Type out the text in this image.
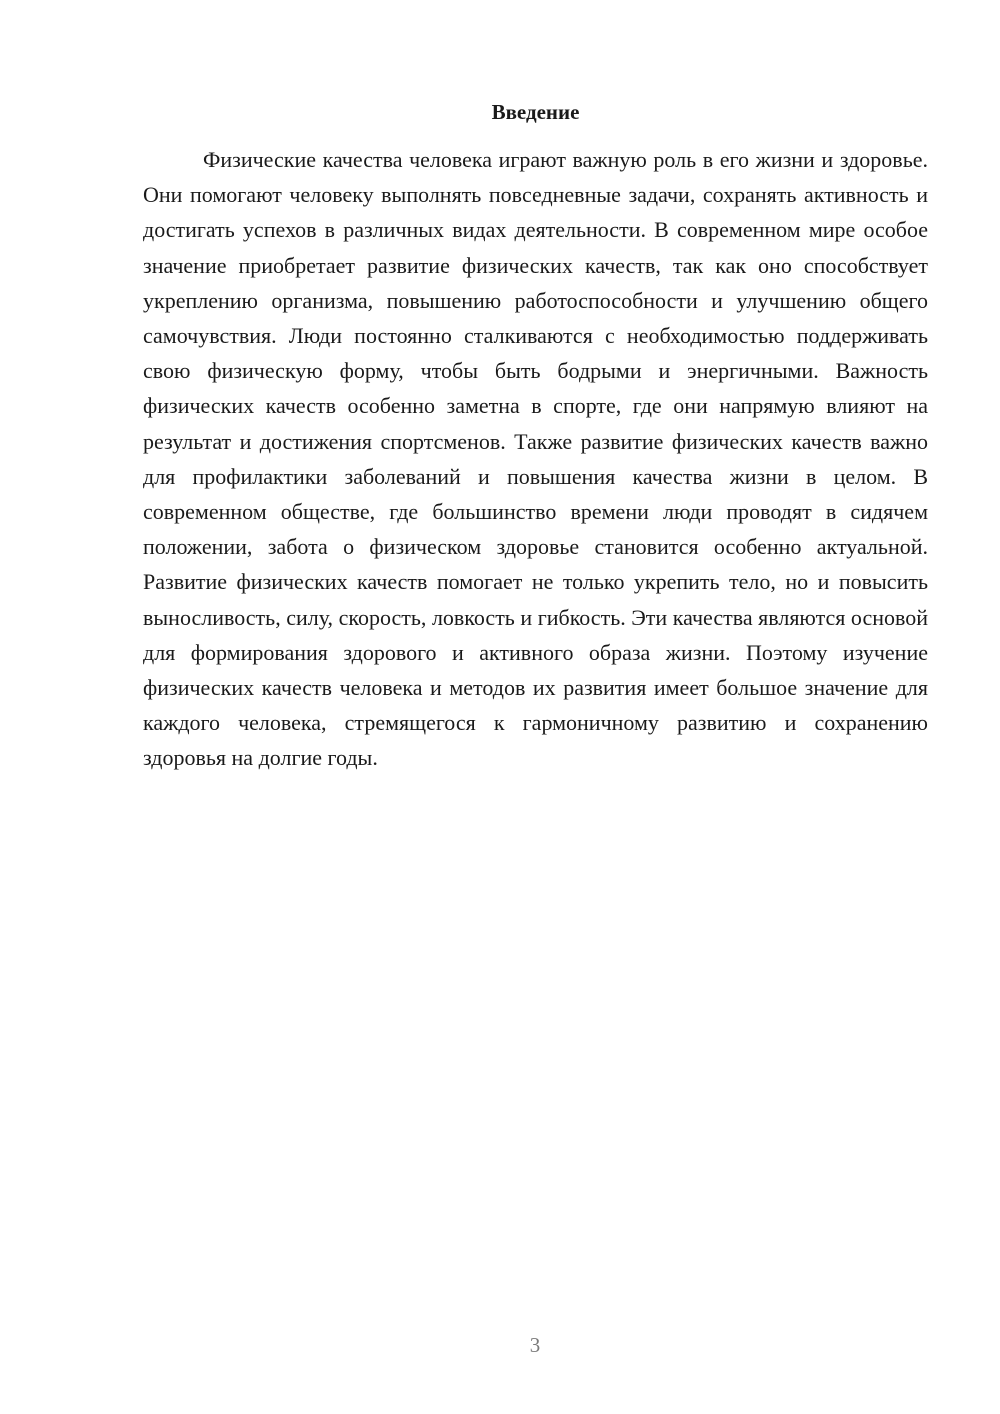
Введение

Физические качества человека играют важную роль в его жизни и здоровье. Они помогают человеку выполнять повседневные задачи, сохранять активность и достигать успехов в различных видах деятельности. В современном мире особое значение приобретает развитие физических качеств, так как оно способствует укреплению организма, повышению работоспособности и улучшению общего самочувствия. Люди постоянно сталкиваются с необходимостью поддерживать свою физическую форму, чтобы быть бодрыми и энергичными. Важность физических качеств особенно заметна в спорте, где они напрямую влияют на результат и достижения спортсменов. Также развитие физических качеств важно для профилактики заболеваний и повышения качества жизни в целом. В современном обществе, где большинство времени люди проводят в сидячем положении, забота о физическом здоровье становится особенно актуальной. Развитие физических качеств помогает не только укрепить тело, но и повысить выносливость, силу, скорость, ловкость и гибкость. Эти качества являются основой для формирования здорового и активного образа жизни. Поэтому изучение физических качеств человека и методов их развития имеет большое значение для каждого человека, стремящегося к гармоничному развитию и сохранению здоровья на долгие годы.

3
